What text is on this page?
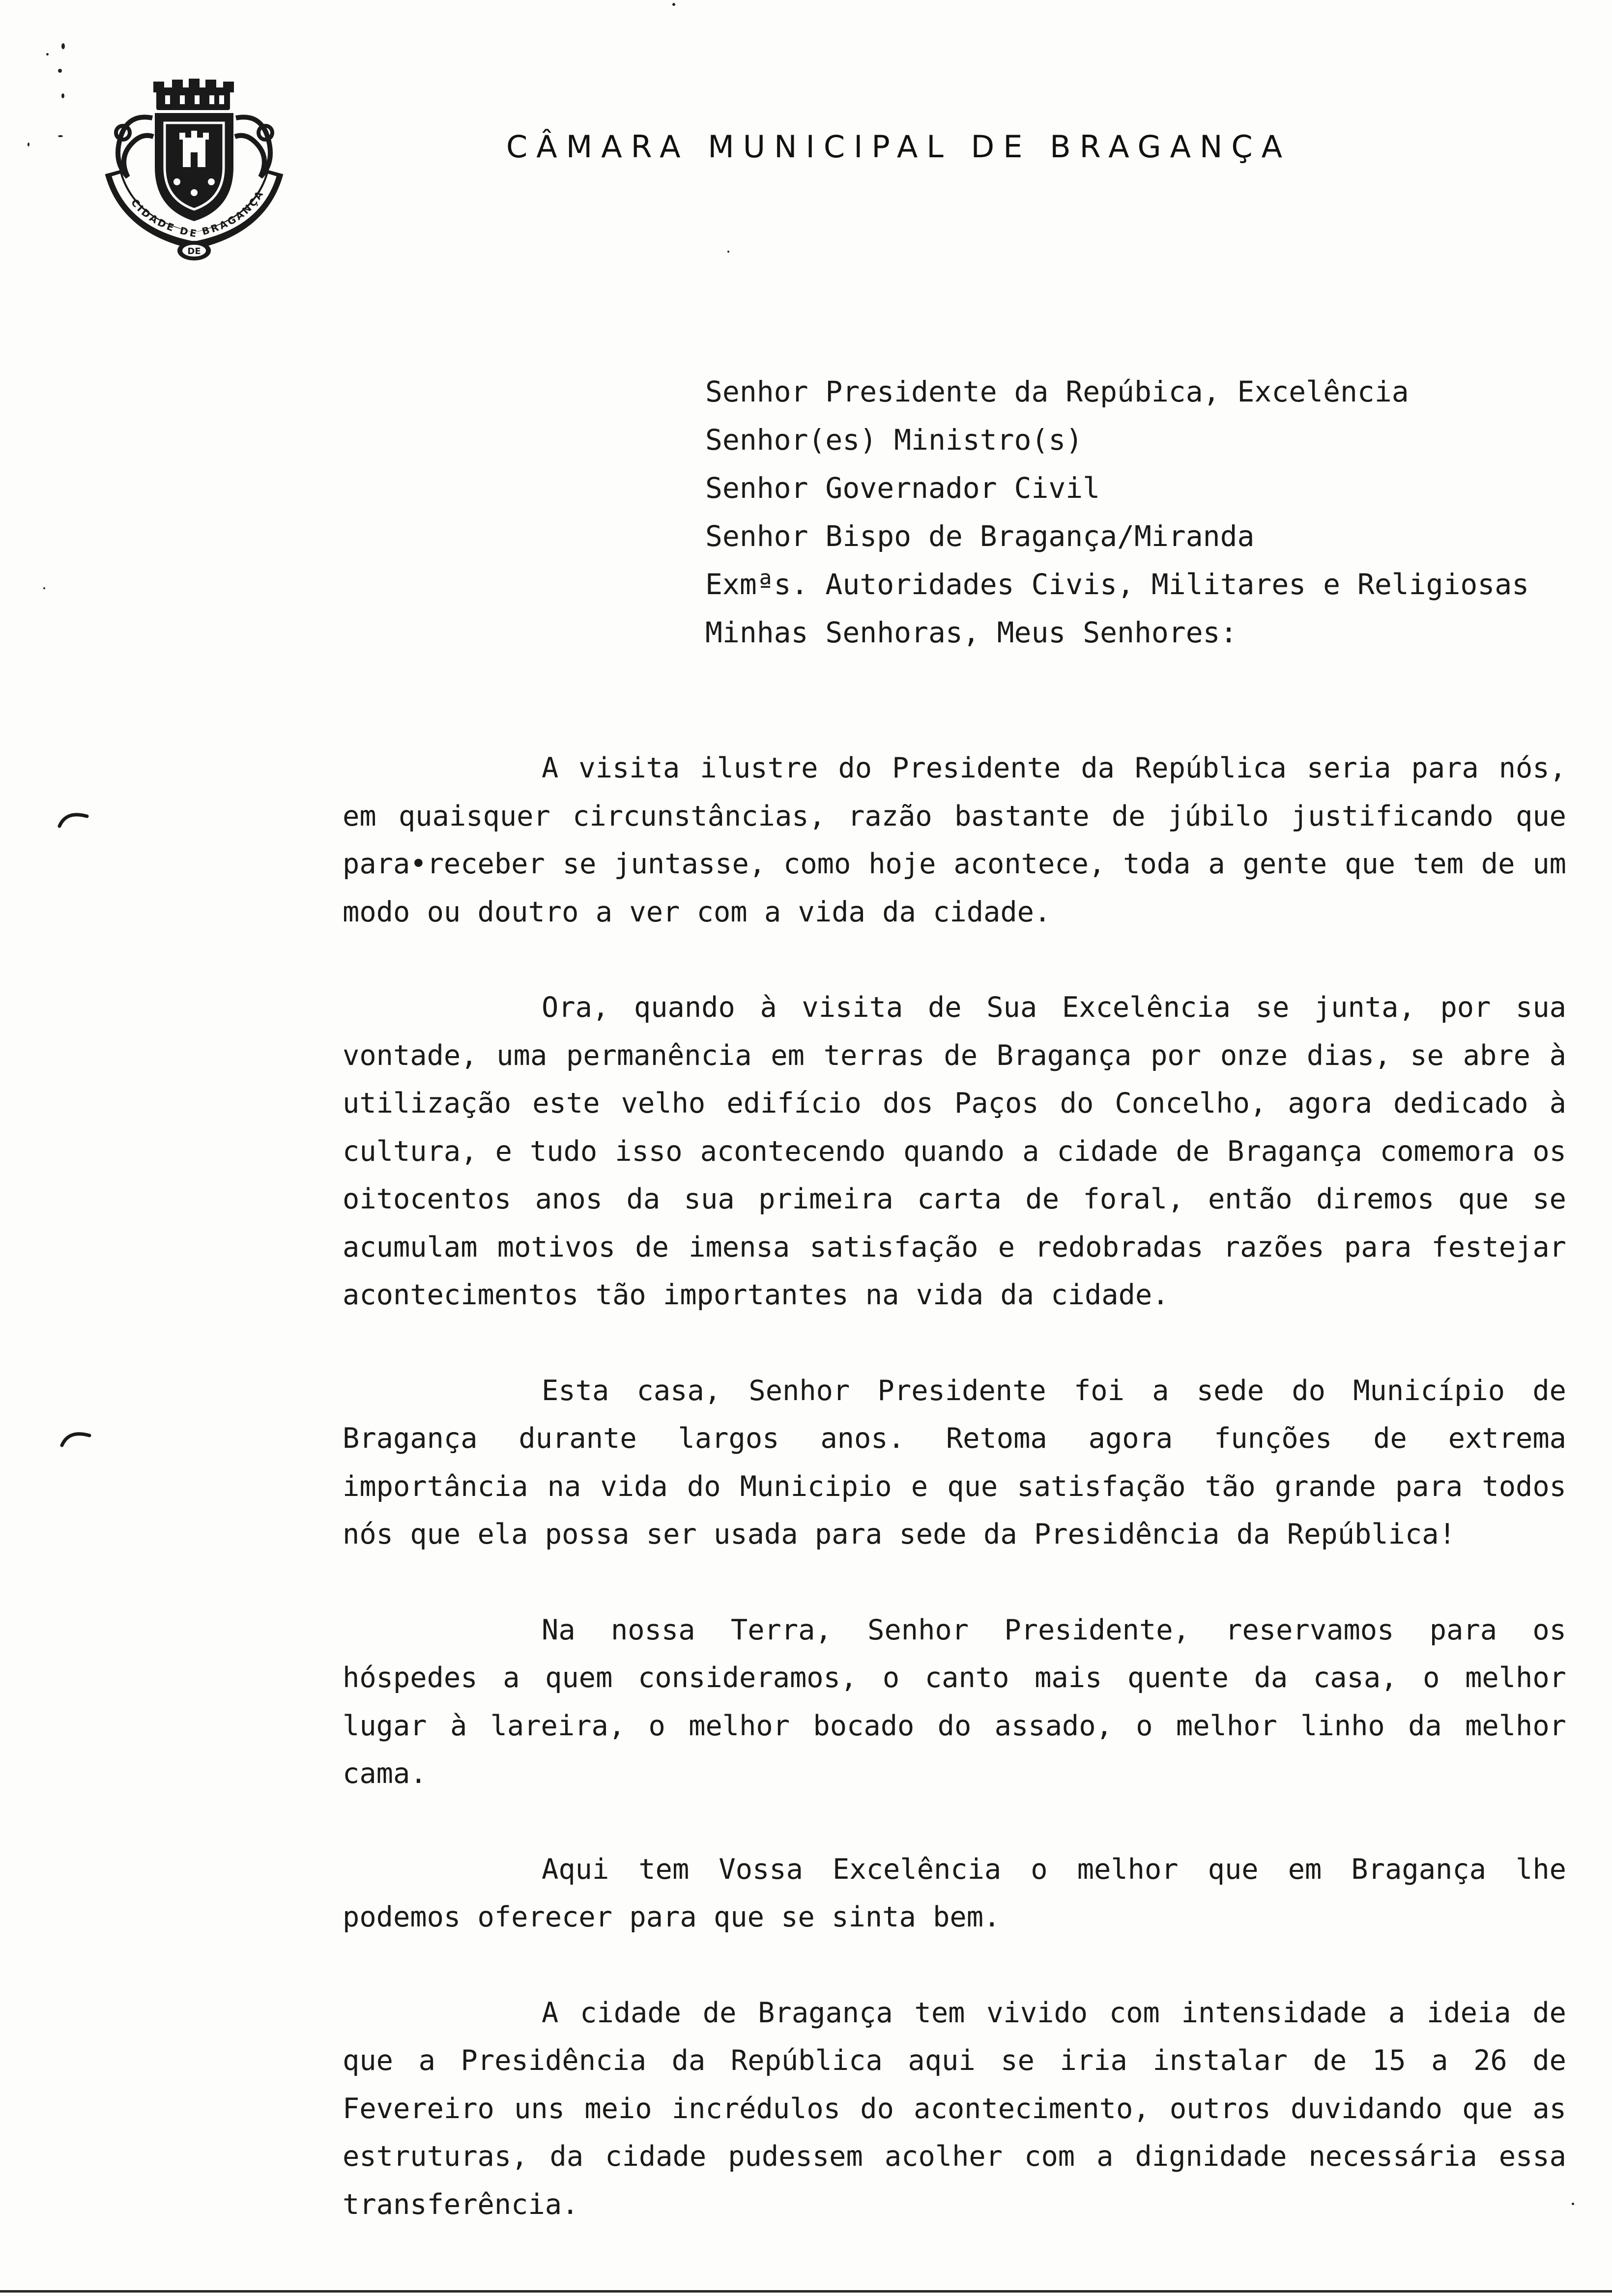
CIDADE DE BRAGANÇA
DE
CÂMARA MUNICIPAL DE BRAGANÇA
Senhor Presidente da Repúbica, Excelência
Senhor(es) Ministro(s)
Senhor Governador Civil
Senhor Bispo de Bragança/Miranda
Exmªs. Autoridades Civis, Militares e Religiosas
Minhas Senhoras, Meus Senhores:

A visita ilustre do Presidente da República seria para nós, em quaisquer circunstâncias, razão bastante de júbilo justificando que para•receber se juntasse, como hoje acontece, toda a gente que tem de um modo ou doutro a ver com a vida da cidade.

Ora, quando à visita de Sua Excelência se junta, por sua vontade, uma permanência em terras de Bragança por onze dias, se abre à utilização este velho edifício dos Paços do Concelho, agora dedicado à cultura, e tudo isso acontecendo quando a cidade de Bragança comemora os oitocentos anos da sua primeira carta de foral, então diremos que se acumulam motivos de imensa satisfação e redobradas razões para festejar acontecimentos tão importantes na vida da cidade.

Esta casa, Senhor Presidente foi a sede do Município de Bragança durante largos anos. Retoma agora funções de extrema importância na vida do Municipio e que satisfação tão grande para todos nós que ela possa ser usada para sede da Presidência da República!

Na nossa Terra, Senhor Presidente, reservamos para os hóspedes a quem consideramos, o canto mais quente da casa, o melhor lugar à lareira, o melhor bocado do assado, o melhor linho da melhor cama.

Aqui tem Vossa Excelência o melhor que em Bragança lhe podemos oferecer para que se sinta bem.

A cidade de Bragança tem vivido com intensidade a ideia de que a Presidência da República aqui se iria instalar de 15 a 26 de Fevereiro uns meio incrédulos do acontecimento, outros duvidando que as estruturas, da cidade pudessem acolher com a dignidade necessária essa transferência.
